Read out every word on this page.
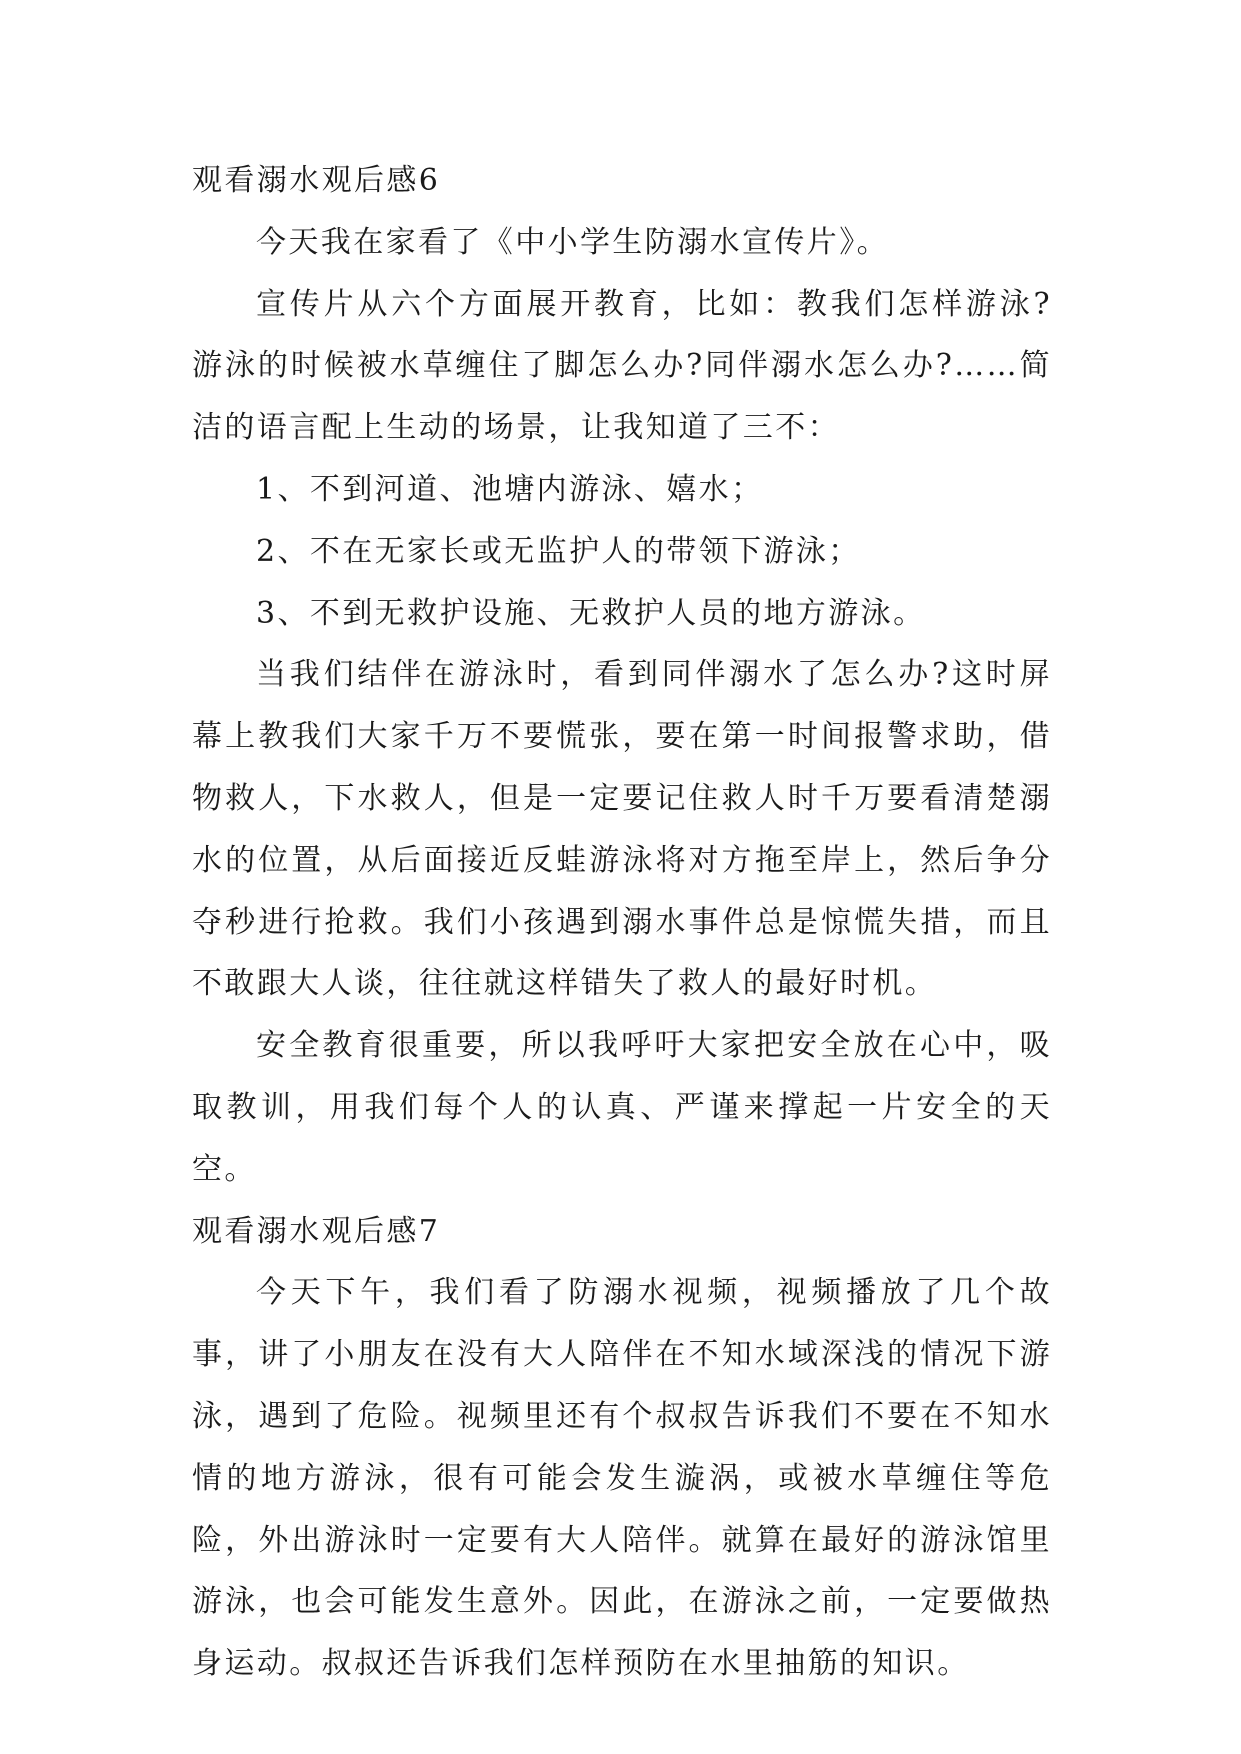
观看溺水观后感6

今天我在家看了《中小学生防溺水宣传片》。

宣传片从六个方面展开教育，比如：教我们怎样游泳?游泳的时候被水草缠住了脚怎么办?同伴溺水怎么办?……简洁的语言配上生动的场景，让我知道了三不：

1、不到河道、池塘内游泳、嬉水；

2、不在无家长或无监护人的带领下游泳；

3、不到无救护设施、无救护人员的地方游泳。

当我们结伴在游泳时，看到同伴溺水了怎么办?这时屏幕上教我们大家千万不要慌张，要在第一时间报警求助，借物救人，下水救人，但是一定要记住救人时千万要看清楚溺水的位置，从后面接近反蛙游泳将对方拖至岸上，然后争分夺秒进行抢救。我们小孩遇到溺水事件总是惊慌失措，而且不敢跟大人谈，往往就这样错失了救人的最好时机。

安全教育很重要，所以我呼吁大家把安全放在心中，吸取教训，用我们每个人的认真、严谨来撑起一片安全的天空。

观看溺水观后感7

今天下午，我们看了防溺水视频，视频播放了几个故事，讲了小朋友在没有大人陪伴在不知水域深浅的情况下游泳，遇到了危险。视频里还有个叔叔告诉我们不要在不知水情的地方游泳，很有可能会发生漩涡，或被水草缠住等危险，外出游泳时一定要有大人陪伴。就算在最好的游泳馆里游泳，也会可能发生意外。因此，在游泳之前，一定要做热身运动。叔叔还告诉我们怎样预防在水里抽筋的知识。
